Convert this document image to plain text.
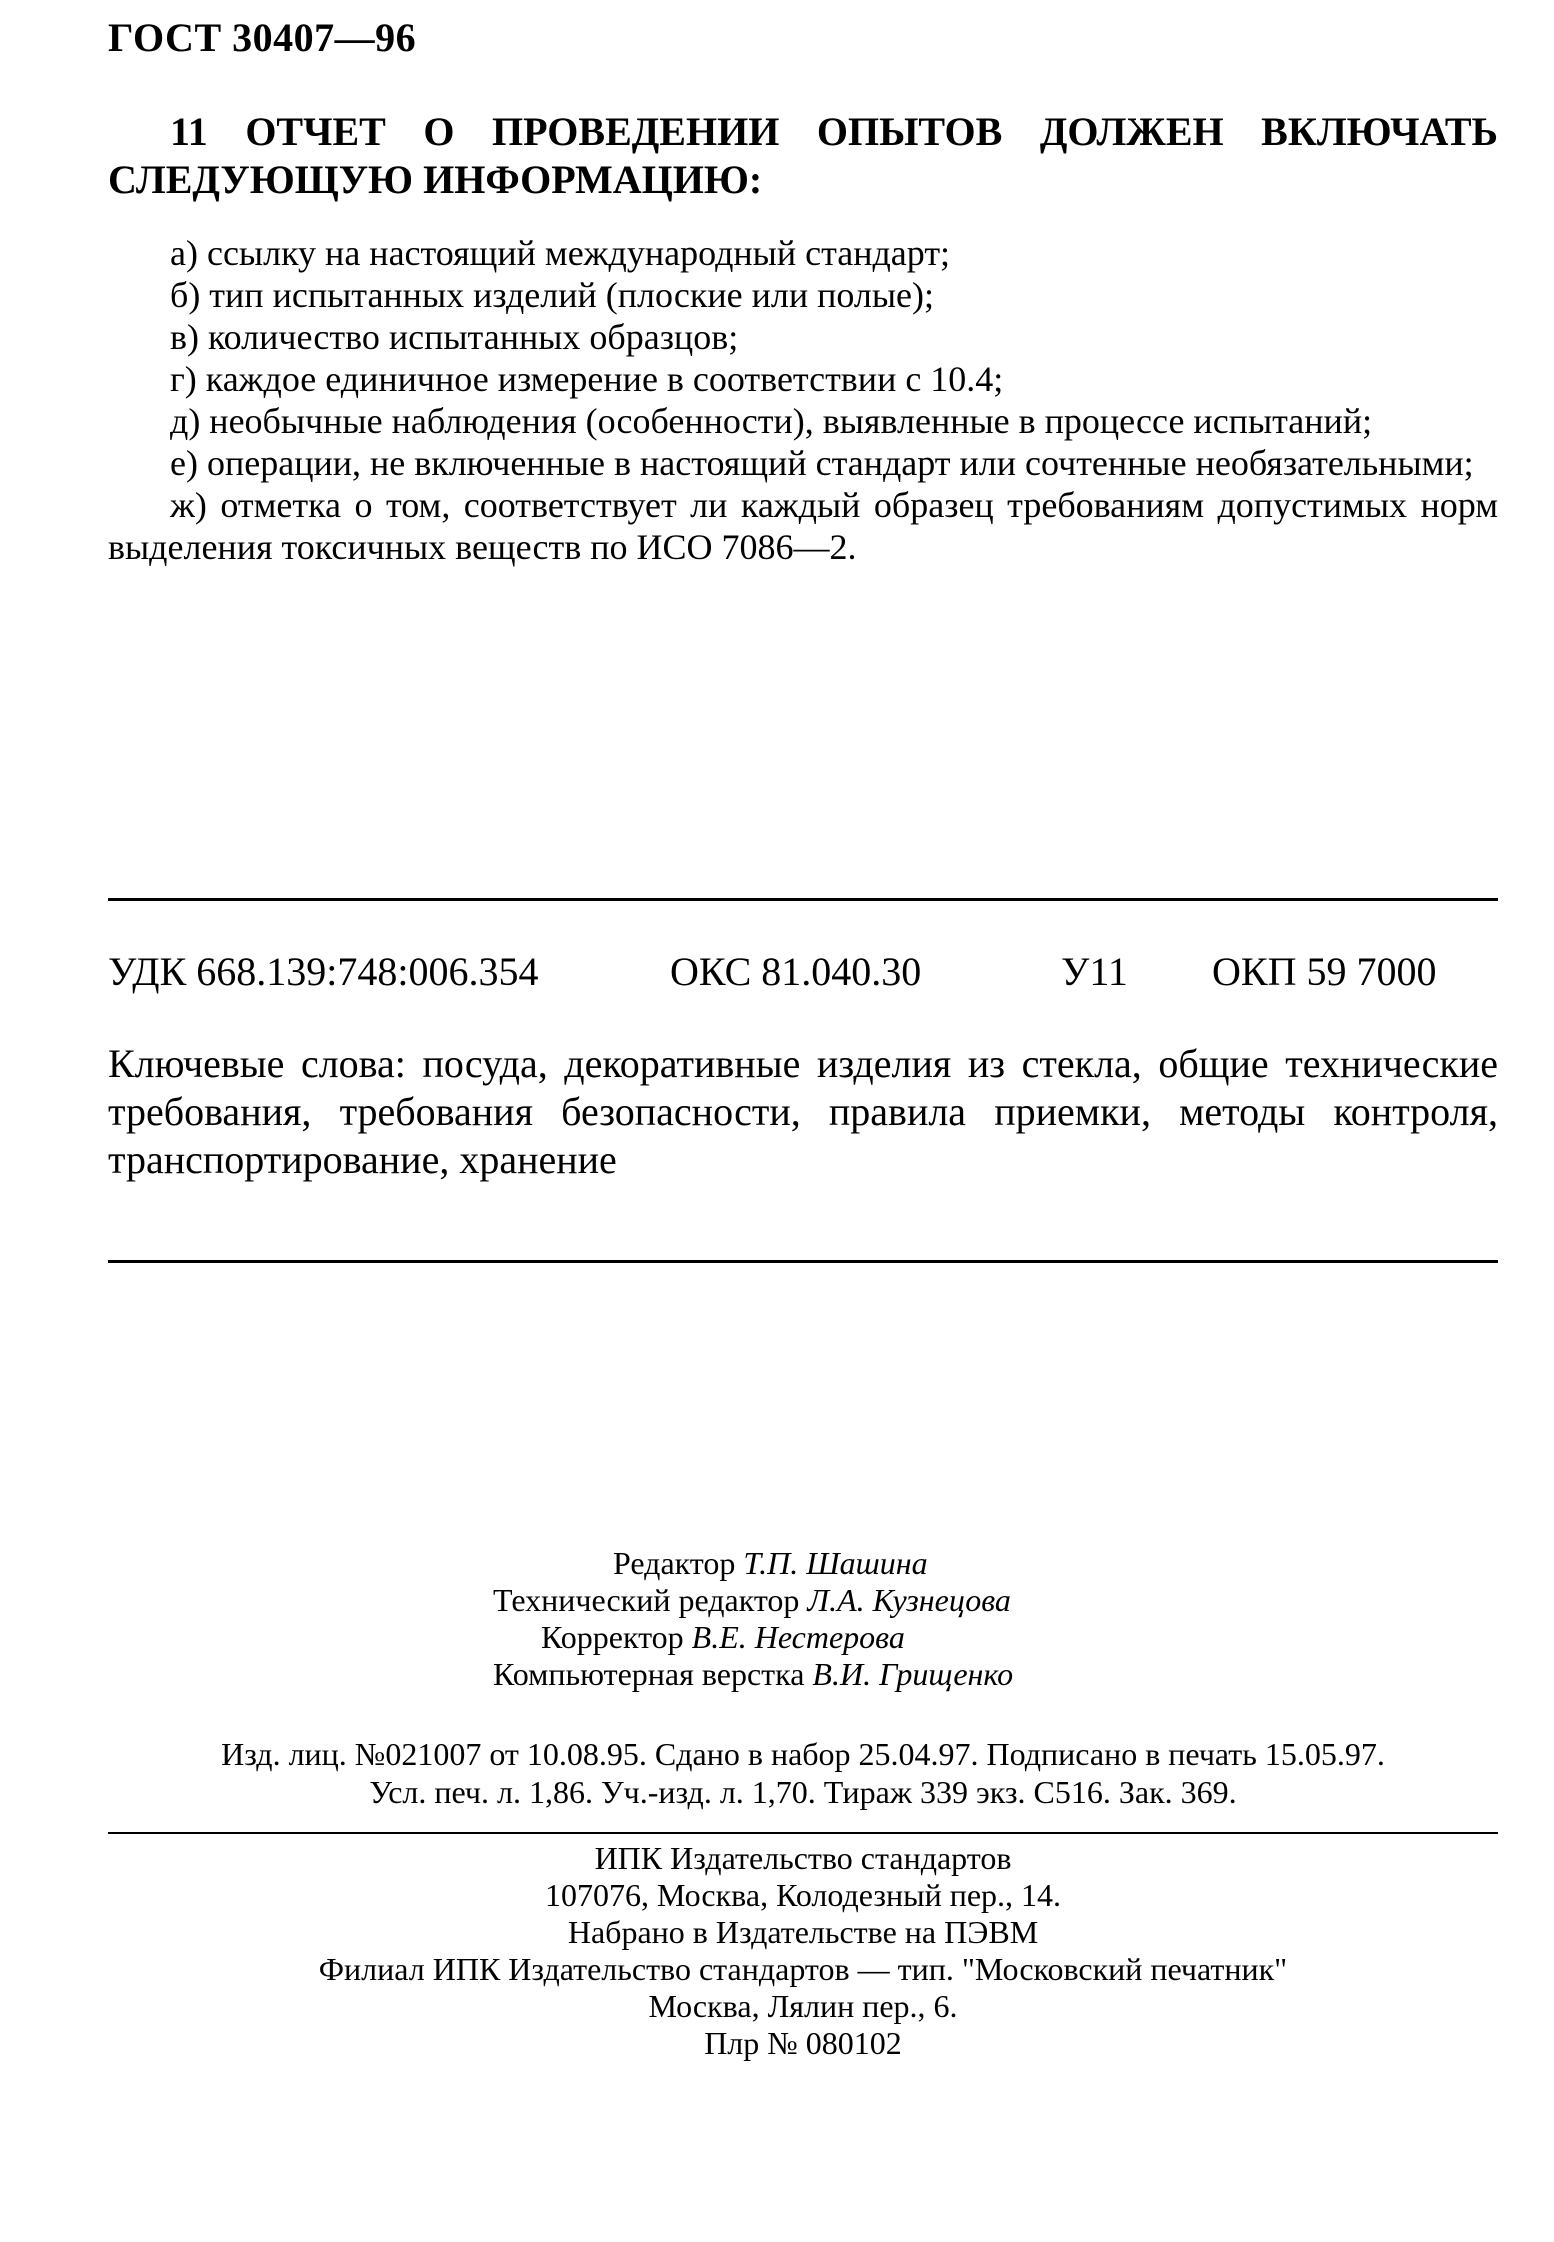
ГОСТ 30407—96
11 ОТЧЕТ О ПРОВЕДЕНИИ ОПЫТОВ ДОЛЖЕН ВКЛЮЧАТЬ СЛЕДУЮЩУЮ ИНФОРМАЦИЮ:

а) ссылку на настоящий международный стандарт;

б) тип испытанных изделий (плоские или полые);

в) количество испытанных образцов;

г) каждое единичное измерение в соответствии с 10.4;

д) необычные наблюдения (особенности), выявленные в процессе испытаний;

е) операции, не включенные в настоящий стандарт или сочтенные необязательными;

ж) отметка о том, соответствует ли каждый образец требованиям допустимых норм выделения токсичных веществ по ИСО 7086—2.

УДК 668.139:748:006.354	ОКС 81.040.30	У11 ОКП 59 7000
Ключевые слова: посуда, декоративные изделия из стекла, общие технические требования, требования безопасности, правила приемки, методы контроля, транспортирование, хранение
Редактор Т.П. Шашина
Технический редактор Л.А. Кузнецова
Корректор В.Е. Нестерова
Компьютерная верстка В.И. Грищенко
Изд. лиц. №021007 от 10.08.95. Сдано в набор 25.04.97. Подписано в печать 15.05.97.
Усл. печ. л. 1,86. Уч.-изд. л. 1,70. Тираж 339 экз. С516. Зак. 369.
ИПК Издательство стандартов
107076, Москва, Колодезный пер., 14.
Набрано в Издательстве на ПЭВМ
Филиал ИПК Издательство стандартов — тип. "Московский печатник"
Москва, Лялин пер., 6.
Плр № 080102
